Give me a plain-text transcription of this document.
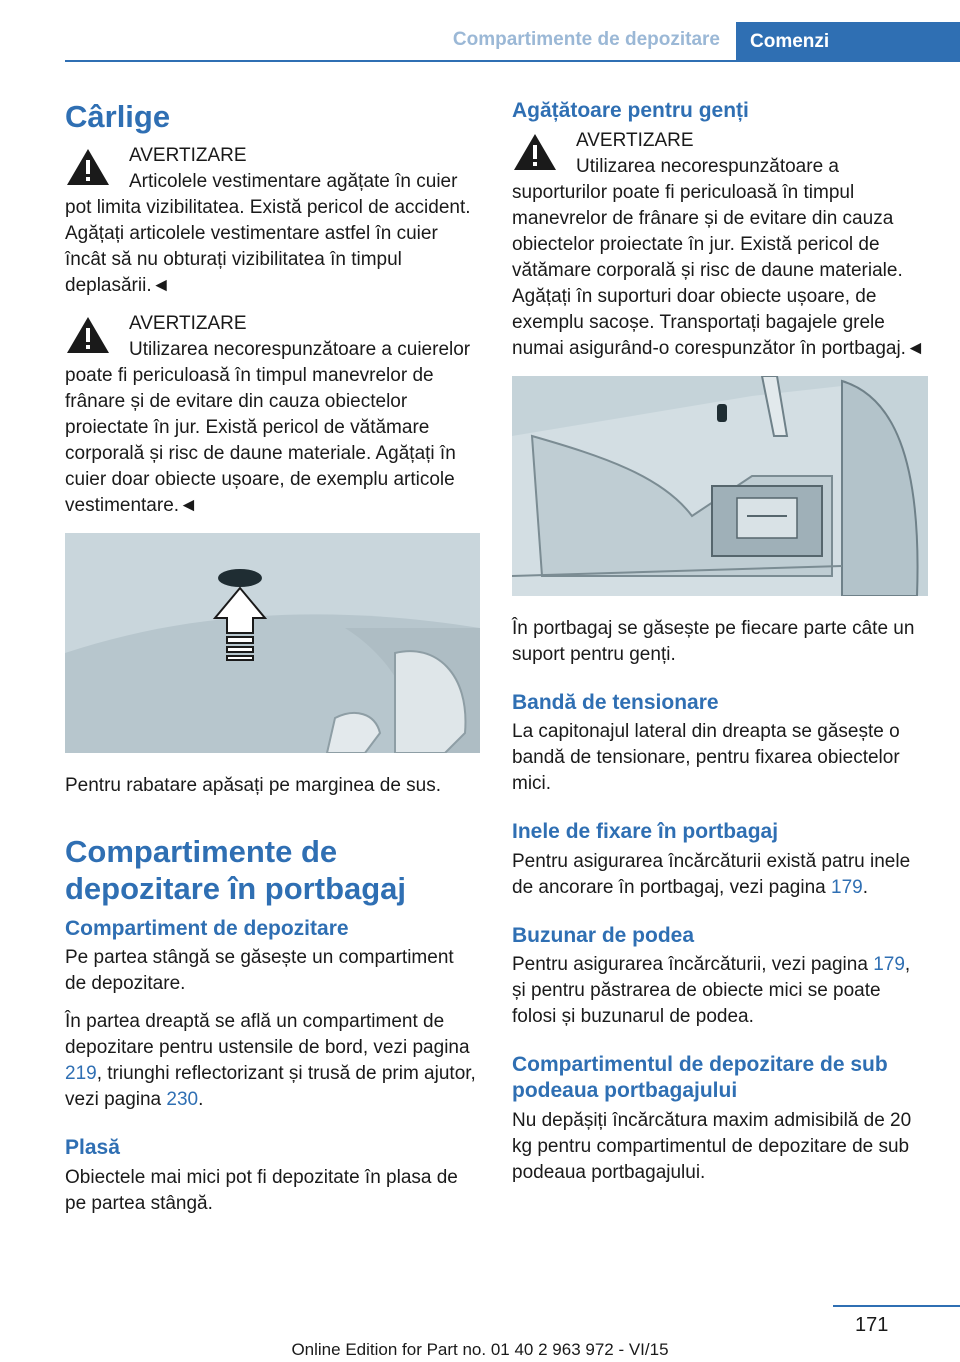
Compartimente de depozitare	Comenzi
Cârlige
AVERTIZARE
Articolele vestimentare agățate în cuier pot limita vizibilitatea. Există pericol de accident. Agățați articolele vestimentare astfel în cuier încât să nu obturați vizibilitatea în timpul deplasării.◄
AVERTIZARE
Utilizarea necorespunzătoare a cuierelor poate fi periculoasă în timpul manevrelor de frânare și de evitare din cauza obiectelor proiectate în jur. Există pericol de vătămare corporală și risc de daune materiale. Agățați în cuier doar obiecte ușoare, de exemplu articole vestimentare.◄

Pentru rabatare apăsați pe marginea de sus.

Compartimente de depozitare în portbagaj
Compartiment de depozitare

Pe partea stângă se găsește un compartiment de depozitare.

În partea dreaptă se află un compartiment de depozitare pentru ustensile de bord, vezi pagina 219, triunghi reflectorizant și trusă de prim ajutor, vezi pagina 230.

Plasă

Obiectele mai mici pot fi depozitate în plasa de pe partea stângă.

Agățătoare pentru genți
AVERTIZARE
Utilizarea necorespunzătoare a suporturilor poate fi periculoasă în timpul manevrelor de frânare și de evitare din cauza obiectelor proiectate în jur. Există pericol de vătămare corporală și risc de daune materiale. Agățați în suporturi doar obiecte ușoare, de exemplu sacoșe. Transportați bagajele grele numai asigurând-o corespunzător în portbagaj.◄

În portbagaj se găsește pe fiecare parte câte un suport pentru genți.

Bandă de tensionare

La capitonajul lateral din dreapta se găsește o bandă de tensionare, pentru fixarea obiectelor mici.

Inele de fixare în portbagaj

Pentru asigurarea încărcăturii există patru inele de ancorare în portbagaj, vezi pagina 179.

Buzunar de podea

Pentru asigurarea încărcăturii, vezi pagina 179, și pentru păstrarea de obiecte mici se poate folosi și buzunarul de podea.

Compartimentul de depozitare de sub podeaua portbagajului

Nu depășiți încărcătura maxim admisibilă de 20 kg pentru compartimentul de depozitare de sub podeaua portbagajului.

171
Online Edition for Part no. 01 40 2 963 972 - VI/15
